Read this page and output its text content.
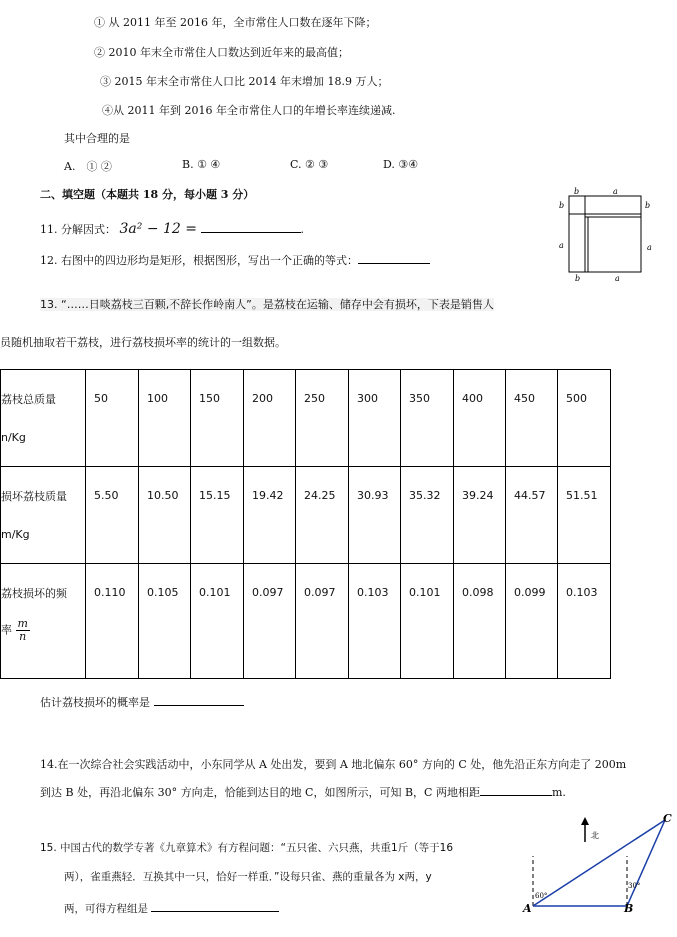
① 从 2011 年至 2016 年，全市常住人口数在逐年下降；
② 2010 年末全市常住人口数达到近年来的最高值；
③ 2015 年末全市常住人口比 2014 年末增加 18.9 万人；
④从 2011 年到 2016 年全市常住人口的年增长率连续递减.
其中合理的是
A.　① ②	B. ① ④	C. ② ③	D. ③④
二、填空题（本题共 18 分，每小题 3 分）
11. 分解因式： 3a² − 12 =	.
12. 右图中的四边形均是矩形，根据图形，写出一个正确的等式：
b	a
b	b
a	a
b	a
13. “……日啖荔枝三百颗,不辞长作岭南人”。是荔枝在运输、储存中会有损坏，下表是销售人
员随机抽取若干荔枝，进行荔枝损坏率的统计的一组数据。
荔枝总质量
n/Kg	50	100	150	200	250	300	350	400	450	500

损坏荔枝质量
m/Kg	5.50	10.50	15.15	19.42	24.25	30.93	35.32	39.24	44.57	51.51

荔枝损坏的频
率 $\frac{m}{n}$	0.110	0.105	0.101	0.097	0.097	0.103	0.101	0.098	0.099	0.103
估计荔枝损坏的概率是
14.在一次综合社会实践活动中，小东同学从 A 处出发，要到 A 地北偏东 60° 方向的 C 处，他先沿正东方向走了 200m
到达 B 处，再沿北偏东 30° 方向走，恰能到达目的地 C，如图所示，可知 B，C 两地相距	m.
15. 中国古代的数学专著《九章算术》有方程问题：“五只雀、六只燕，共重1斤（等于16
两），雀重燕轻．互换其中一只，恰好一样重．”设每只雀、燕的重量各为 x两，y
两，可得方程组是
北
60°
30°
A	B
C
